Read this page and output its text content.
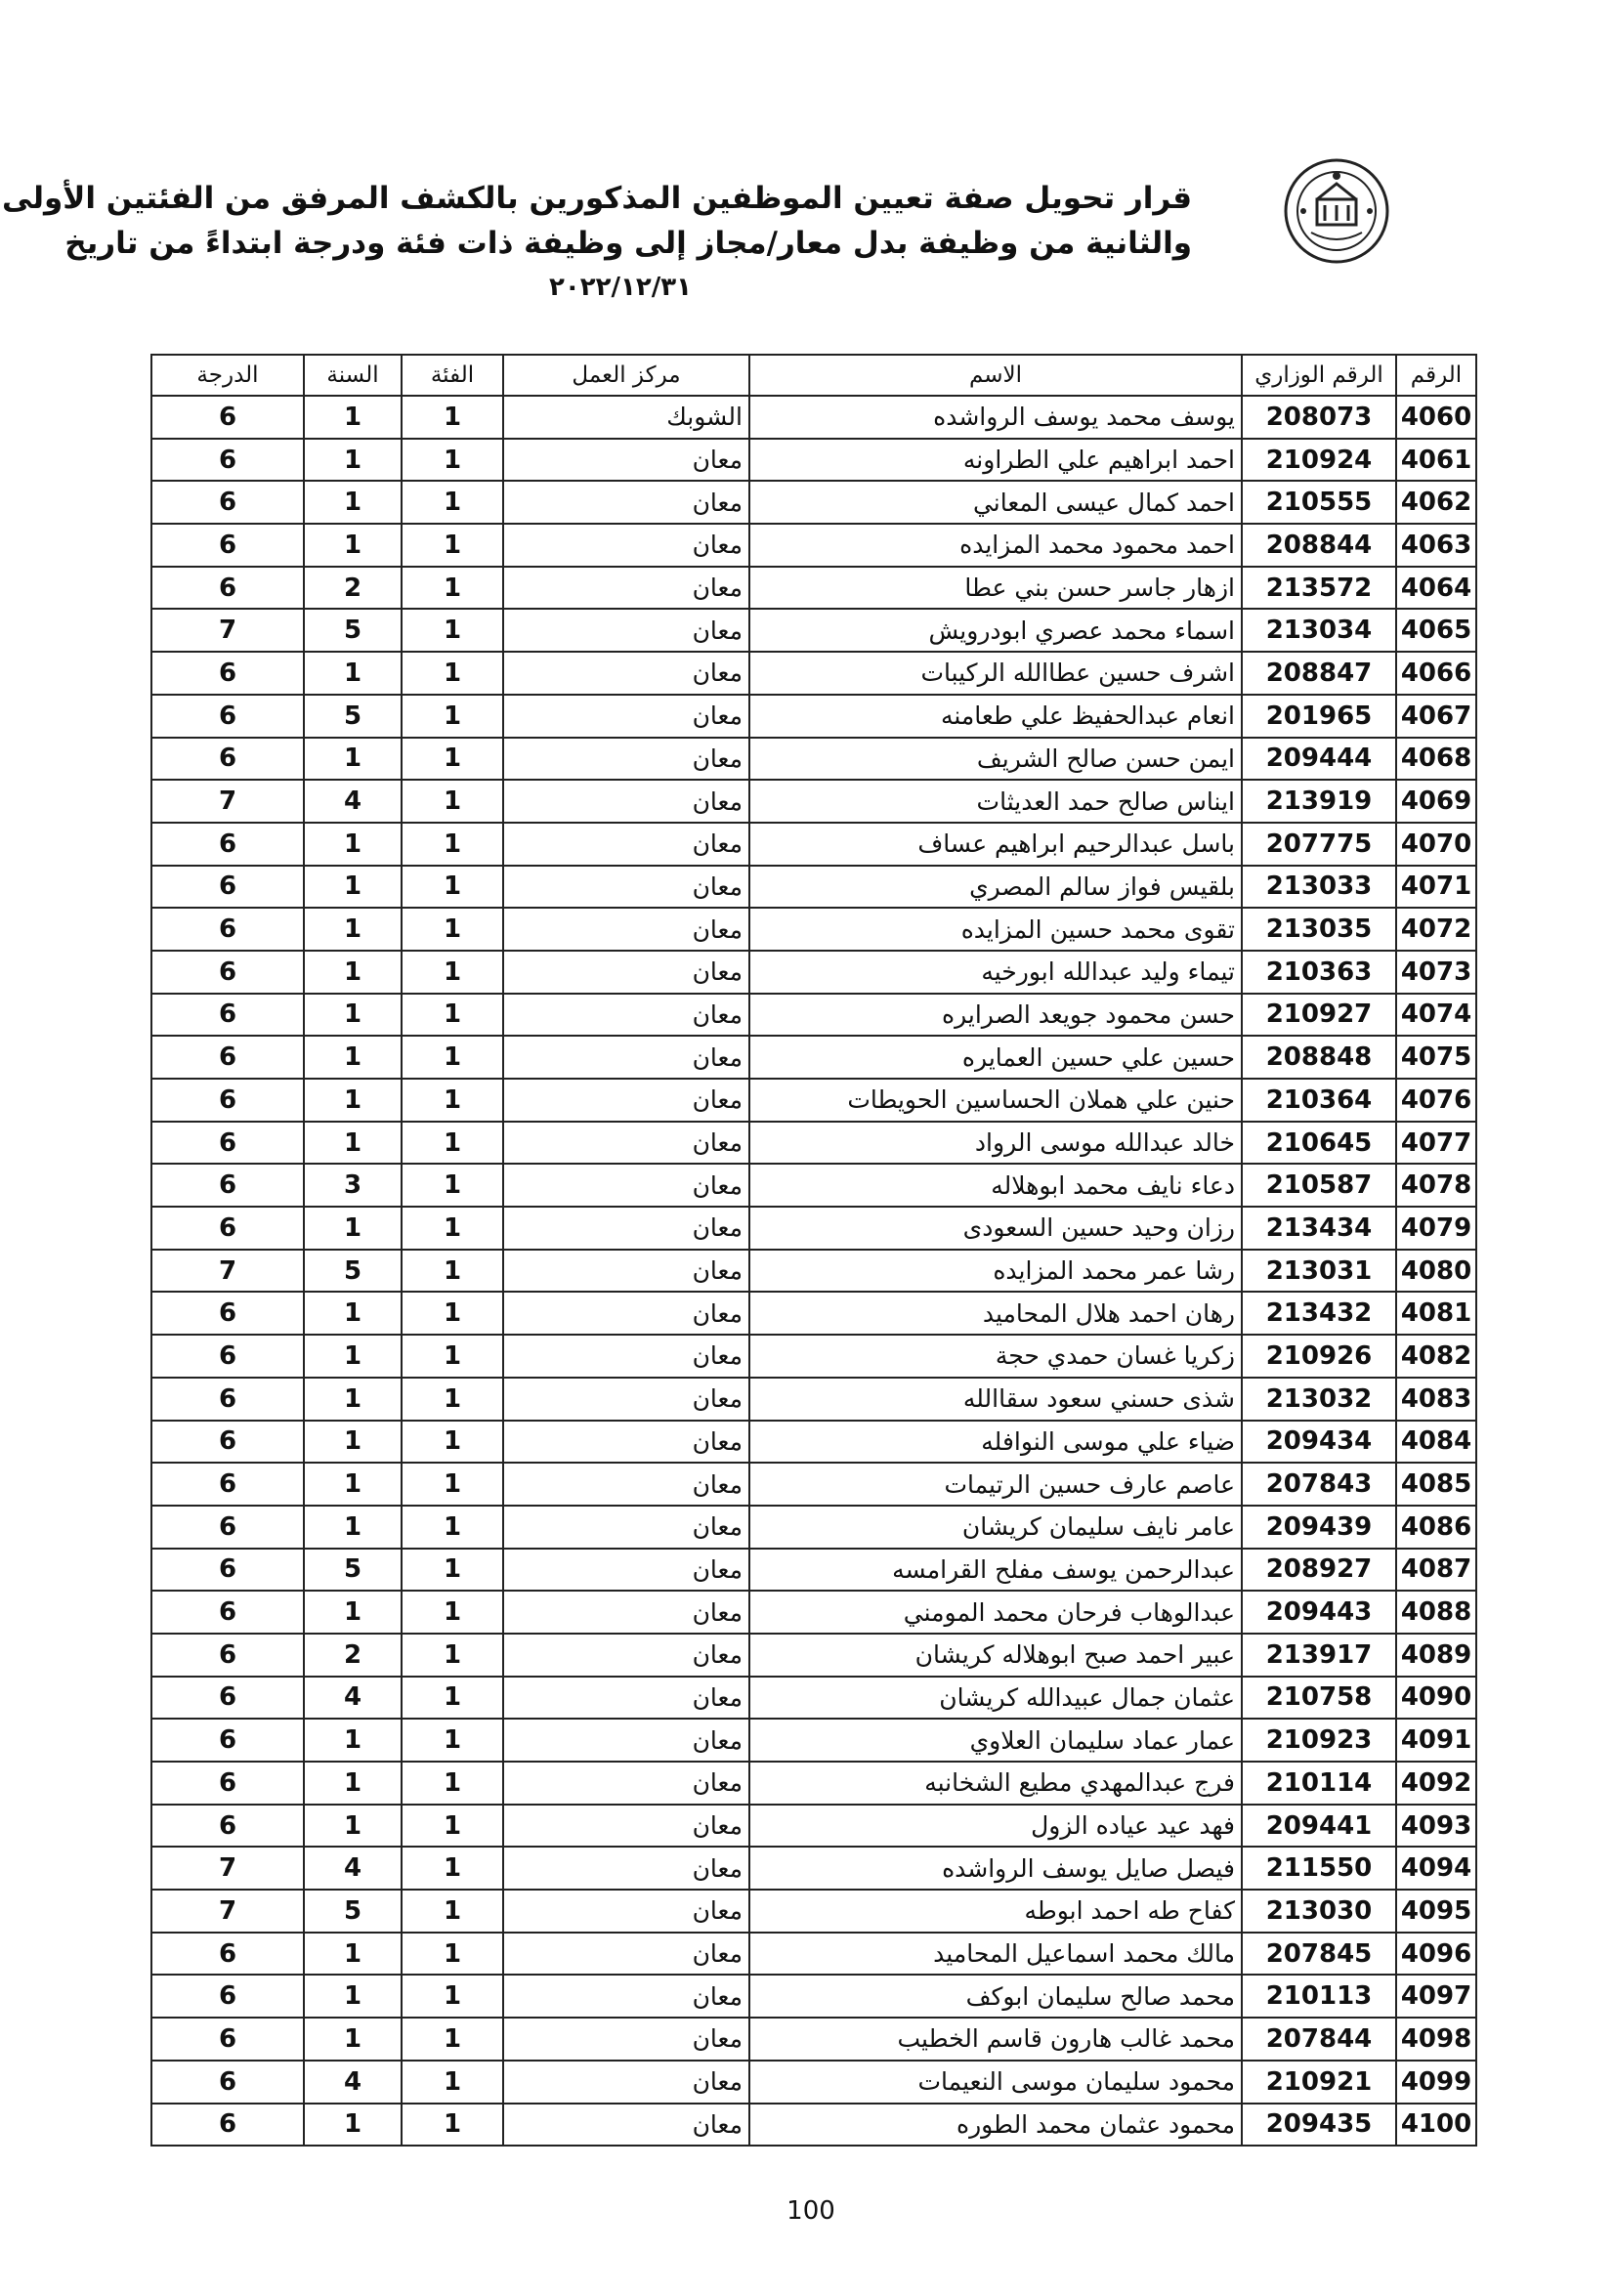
قرار تحويل صفة تعيين الموظفين المذكورين بالكشف المرفق من الفئتين الأولى
والثانية من وظيفة بدل معار/مجاز إلى وظيفة ذات فئة ودرجة ابتداءً من تاريخ
٢٠٢٢/١٢/٣١
الرقم	الرقم الوزاري	الاسم	مركز العمل	الفئة	السنة	الدرجة
4060	208073	يوسف محمد يوسف الرواشده	الشوبك	1	1	6
4061	210924	احمد ابراهيم علي الطراونه	معان	1	1	6
4062	210555	احمد كمال عيسى المعاني	معان	1	1	6
4063	208844	احمد محمود محمد المزايده	معان	1	1	6
4064	213572	ازهار جاسر حسن بني عطا	معان	1	2	6
4065	213034	اسماء محمد عصري ابودرويش	معان	1	5	7
4066	208847	اشرف حسين عطاالله الركيبات	معان	1	1	6
4067	201965	انعام عبدالحفيظ علي طعامنه	معان	1	5	6
4068	209444	ايمن حسن صالح الشريف	معان	1	1	6
4069	213919	ايناس صالح حمد العديثات	معان	1	4	7
4070	207775	باسل عبدالرحيم ابراهيم عساف	معان	1	1	6
4071	213033	بلقيس فواز سالم المصري	معان	1	1	6
4072	213035	تقوى محمد حسين المزايده	معان	1	1	6
4073	210363	تيماء وليد عبدالله ابورخيه	معان	1	1	6
4074	210927	حسن محمود جويعد الصرايره	معان	1	1	6
4075	208848	حسين علي حسين العمايره	معان	1	1	6
4076	210364	حنين علي هملان الحساسين الحويطات	معان	1	1	6
4077	210645	خالد عبدالله موسى الرواد	معان	1	1	6
4078	210587	دعاء نايف محمد ابوهلاله	معان	1	3	6
4079	213434	رزان وحيد حسين السعودى	معان	1	1	6
4080	213031	رشا عمر محمد المزايده	معان	1	5	7
4081	213432	رهان احمد هلال المحاميد	معان	1	1	6
4082	210926	زكريا غسان حمدي حجة	معان	1	1	6
4083	213032	شذى حسني سعود سقاالله	معان	1	1	6
4084	209434	ضياء علي موسى النوافله	معان	1	1	6
4085	207843	عاصم عارف حسين الرتيمات	معان	1	1	6
4086	209439	عامر نايف سليمان كريشان	معان	1	1	6
4087	208927	عبدالرحمن يوسف مفلح القرامسه	معان	1	5	6
4088	209443	عبدالوهاب فرحان محمد المومني	معان	1	1	6
4089	213917	عبير احمد صبح ابوهلاله كريشان	معان	1	2	6
4090	210758	عثمان جمال عبيدالله كريشان	معان	1	4	6
4091	210923	عمار عماد سليمان العلاوي	معان	1	1	6
4092	210114	فرج عبدالمهدي مطيع الشخانبه	معان	1	1	6
4093	209441	فهد عيد عياده الزول	معان	1	1	6
4094	211550	فيصل صايل يوسف الرواشده	معان	1	4	7
4095	213030	كفاح طه احمد ابوطه	معان	1	5	7
4096	207845	مالك محمد اسماعيل المحاميد	معان	1	1	6
4097	210113	محمد صالح سليمان ابوكف	معان	1	1	6
4098	207844	محمد غالب هارون قاسم الخطيب	معان	1	1	6
4099	210921	محمود سليمان موسى النعيمات	معان	1	4	6
4100	209435	محمود عثمان محمد الطوره	معان	1	1	6
100
